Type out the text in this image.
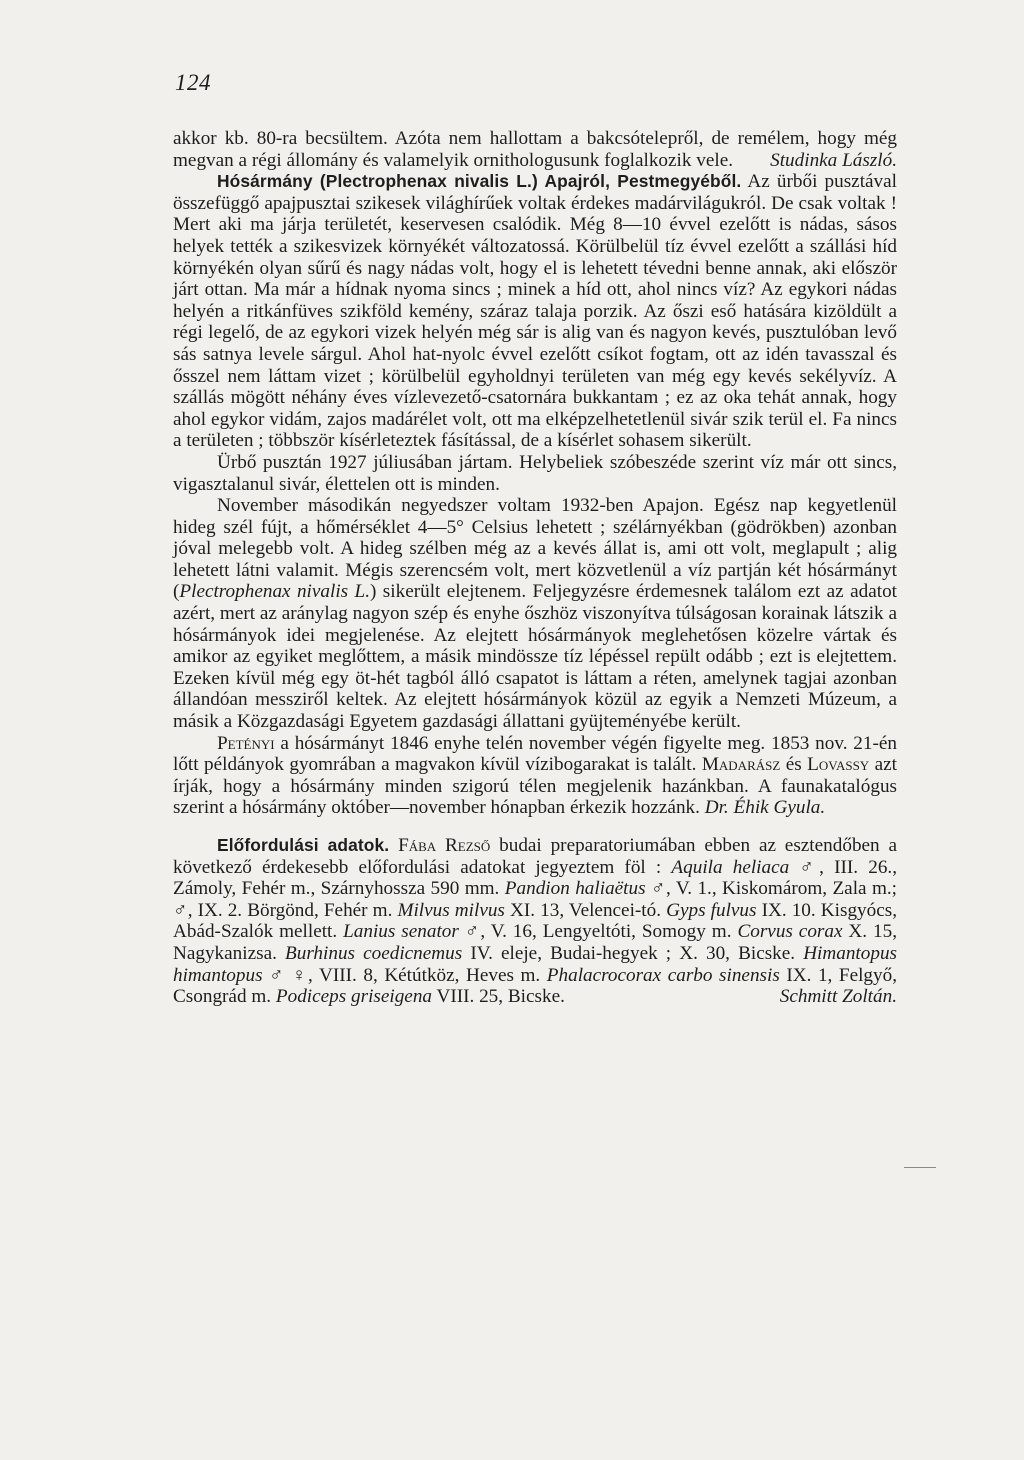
124

akkor kb. 80-ra becsültem. Azóta nem hallottam a bakcsótelepről, de remélem, hogy még megvan a régi állomány és valamelyik ornithologusunk foglalkozik vele.	Studinka László.

Hósármány (Plectrophenax nivalis L.) Apajról, Pestmegyéből. Az ürbői pusztával összefüggő apajpusztai szikesek világhírűek voltak érdekes madárvilágukról. De csak voltak ! Mert aki ma járja területét, keservesen csalódik. Még 8—10 évvel ezelőtt is nádas, sásos helyek tették a szikesvizek környékét változatossá. Körülbelül tíz évvel ezelőtt a szállási híd környékén olyan sűrű és nagy nádas volt, hogy el is lehetett tévedni benne annak, aki először járt ottan. Ma már a hídnak nyoma sincs ; minek a híd ott, ahol nincs víz? Az egykori nádas helyén a ritkánfüves szikföld kemény, száraz talaja porzik. Az őszi eső hatására kizöldült a régi legelő, de az egykori vizek helyén még sár is alig van és nagyon kevés, pusztulóban levő sás satnya levele sárgul. Ahol hat-nyolc évvel ezelőtt csíkot fogtam, ott az idén tavasszal és ősszel nem láttam vizet ; körülbelül egyholdnyi területen van még egy kevés sekélyvíz. A szállás mögött néhány éves vízlevezető-csatornára bukkantam ; ez az oka tehát annak, hogy ahol egykor vidám, zajos madárélet volt, ott ma elképzelhetetlenül sivár szik terül el. Fa nincs a területen ; többször kísérleteztek fásítással, de a kísérlet sohasem sikerült.

Ürbő pusztán 1927 júliusában jártam. Helybeliek szóbeszéde szerint víz már ott sincs, vigasztalanul sivár, élettelen ott is minden.

November másodikán negyedszer voltam 1932-ben Apajon. Egész nap kegyetlenül hideg szél fújt, a hőmérséklet 4—5° Celsius lehetett ; szélárnyékban (gödrökben) azonban jóval melegebb volt. A hideg szélben még az a kevés állat is, ami ott volt, meglapult ; alig lehetett látni valamit. Mégis szerencsém volt, mert közvetlenül a víz partján két hósármányt (Plectrophenax nivalis L.) sikerült elejtenem. Feljegyzésre érdemesnek találom ezt az adatot azért, mert az aránylag nagyon szép és enyhe őszhöz viszonyítva túlságosan korainak látszik a hósármányok idei megjelenése. Az elejtett hósármányok meglehetősen közelre vártak és amikor az egyiket meglőttem, a másik mindössze tíz lépéssel repült odább ; ezt is elejtettem. Ezeken kívül még egy öt-hét tagból álló csapatot is láttam a réten, amelynek tagjai azonban állandóan messziről keltek. Az elejtett hósármányok közül az egyik a Nemzeti Múzeum, a másik a Közgazdasági Egyetem gazdasági állattani gyüjteményébe került.

Petényi a hósármányt 1846 enyhe telén november végén figyelte meg. 1853 nov. 21-én lőtt példányok gyomrában a magvakon kívül vízibogarakat is talált. Madarász és Lovassy azt írják, hogy a hósármány minden szigorú télen megjelenik hazánkban. A faunakatalógus szerint a hósármány október—november hónapban érkezik hozzánk. Dr. Éhik Gyula.

Előfordulási adatok. Fába Rezső budai preparatoriumában ebben az esztendőben a következő érdekesebb előfordulási adatokat jegyeztem föl : Aquila heliaca ♂, III. 26., Zámoly, Fehér m., Szárnyhossza 590 mm. Pandion haliaëtus ♂, V. 1., Kiskomárom, Zala m.; ♂, IX. 2. Börgönd, Fehér m. Milvus milvus XI. 13, Velencei-tó. Gyps fulvus IX. 10. Kisgyócs, Abád-Szalók mellett. Lanius senator ♂, V. 16, Lengyeltóti, Somogy m. Corvus corax X. 15, Nagykanizsa. Burhinus coedicnemus IV. eleje, Budai-hegyek ; X. 30, Bicske. Himantopus himantopus ♂ ♀, VIII. 8, Kétútköz, Heves m. Phalacrocorax carbo sinensis IX. 1, Felgyő, Csongrád m. Podiceps griseigena VIII. 25, Bicske.	Schmitt Zoltán.
